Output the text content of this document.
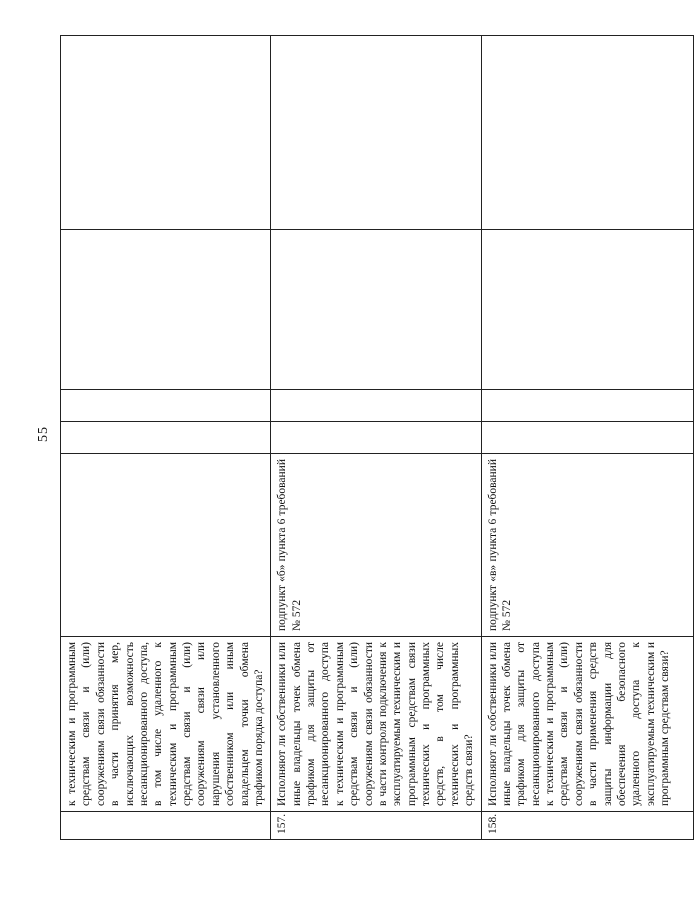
55
	к техническим и программным средствам связи и (или) сооружениям связи обязанности в части принятия мер, исключающих возможность несанкционированного доступа, в том числе удаленного к техническим и программным средствам связи и (или) сооружениям связи или нарушения установленного собственником или иным владельцем точки обмена трафиком порядка доступа?					
157.	Исполняют ли собственники или иные владельцы точек обмена трафиком для защиты от несанкционированного доступа к техническим и программным средствам связи и (или) сооружениям связи обязанности в части контроля подключения к эксплуатируемым техническим и программным средствам связи технических и программных средств, в том числе технических и программных средств связи?	подпункт «б» пункта 6 требований № 572				
158.	Исполняют ли собственники или иные владельцы точек обмена трафиком для защиты от несанкционированного доступа к техническим и программным средствам связи и (или) сооружениям связи обязанности в части применения средств защиты информации для обеспечения безопасного удаленного доступа к эксплуатируемым техническим и программным средствам связи?	подпункт «в» пункта 6 требований № 572				
